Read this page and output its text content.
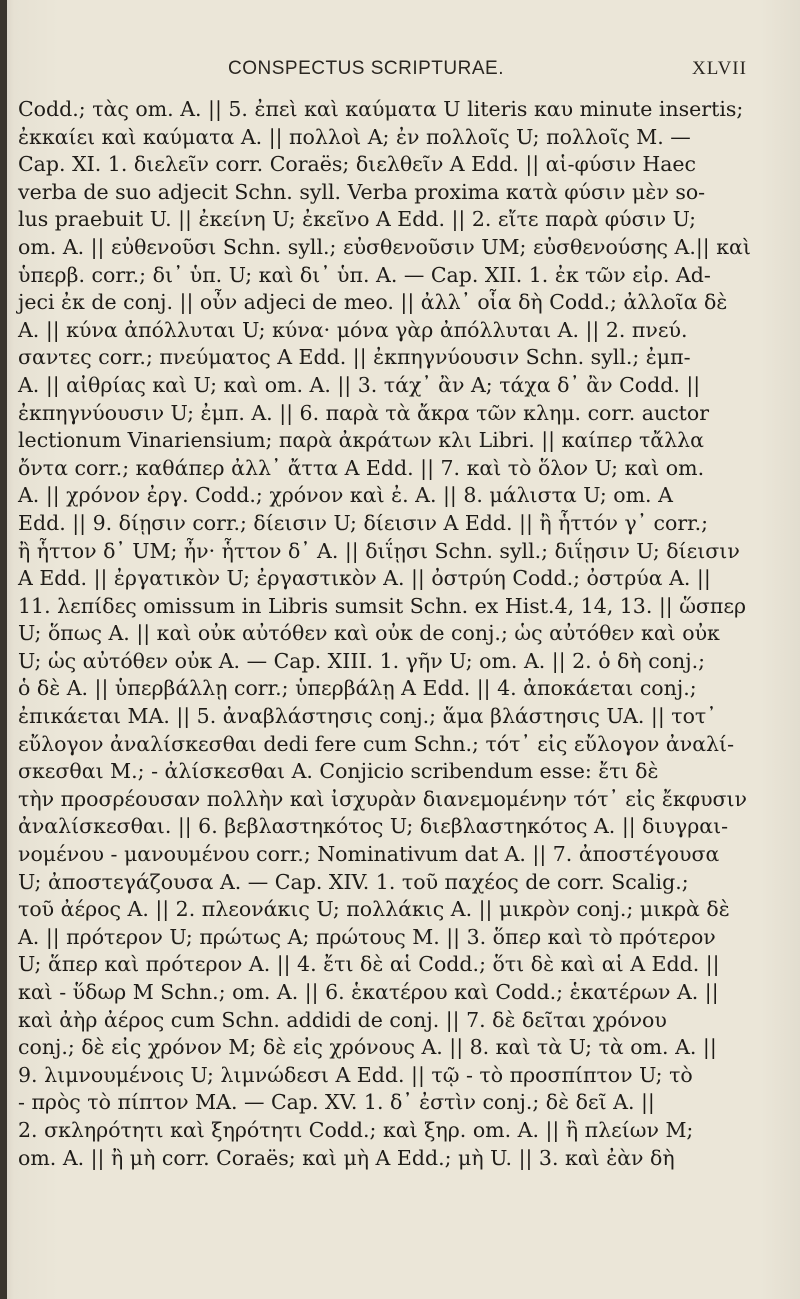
CONSPECTUS SCRIPTURAE.	XLVII
Codd.; τὰς om. A. || 5. ἐπεὶ καὶ καύματα U literis καυ minute insertis;
ἐκκαίει καὶ καύματα A. || πολλοὶ A; ἐν πολλοῖς U; πολλοῖς M. —
Cap. XI. 1. διελεῖν corr. Coraës; διελθεῖν A Edd. || αἱ-φύσιν Haec
verba de suo adjecit Schn. syll. Verba proxima κατὰ φύσιν μὲν so-
lus praebuit U. || ἐκείνη U; ἐκεῖνο A Edd. || 2. εἴτε παρὰ φύσιν U;
om. A. || εὐθενοῦσι Schn. syll.; εὐσθενοῦσιν UM; εὐσθενούσης A.|| καὶ
ὑπερβ. corr.; δι᾽ ὑπ. U; καὶ δι᾽ ὑπ. A. — Cap. XII. 1. ἐκ τῶν εἰρ. Ad-
jeci ἐκ de conj. || οὖν adjeci de meo. || ἀλλ᾽ οἷα δὴ Codd.; ἀλλοῖα δὲ
A. || κύνα ἀπόλλυται U; κύνα· μόνα γὰρ ἀπόλλυται A. || 2. πνεύ.
σαντες corr.; πνεύματος A Edd. || ἐκπηγνύουσιν Schn. syll.; ἐμπ-
A. || αἰθρίας καὶ U; καὶ om. A. || 3. τάχ᾽ ἂν A; τάχα δ᾽ ἂν Codd. ||
ἐκπηγνύουσιν U; ἐμπ. A. || 6. παρὰ τὰ ἄκρα τῶν κλημ. corr. auctor
lectionum Vinariensium; παρὰ ἀκράτων κλι Libri. || καίπερ τἄλλα
ὄντα corr.; καθάπερ ἀλλ᾽ ἄττα A Edd. || 7. καὶ τὸ ὅλον U; καὶ om.
A. || χρόνον ἐργ. Codd.; χρόνον καὶ ἐ. A. || 8. μάλιστα U; om. A
Edd. || 9. δίῃσιν corr.; δίεισιν U; δίεισιν A Edd. || ἢ ἧττόν γ᾽ corr.;
ἢ ἧττον δ᾽ UM; ἦν· ἧττον δ᾽ A. || διΐῃσι Schn. syll.; διΐῃσιν U; δίεισιν
A Edd. || ἐργατικὸν U; ἐργαστικὸν A. || ὀστρύη Codd.; ὀστρύα A. ||
11. λεπίδες omissum in Libris sumsit Schn. ex Hist.4, 14, 13. || ὥσπερ
U; ὅπως A. || καὶ οὐκ αὐτόθεν καὶ οὐκ de conj.; ὡς αὐτόθεν καὶ οὐκ
U; ὡς αὐτόθεν οὐκ A. — Cap. XIII. 1. γῆν U; om. A. || 2. ὁ δὴ conj.;
ὁ δὲ A. || ὑπερβάλλῃ corr.; ὑπερβάλῃ A Edd. || 4. ἀποκάεται conj.;
ἐπικάεται MA. || 5. ἀναβλάστησις conj.; ἅμα βλάστησις UA. || τοτ᾽
εὔλογον ἀναλίσκεσθαι dedi fere cum Schn.; τότ᾽ εἰς εὔλογον ἀναλί-
σκεσθαι M.; - ἀλίσκεσθαι A. Conjicio scribendum esse: ἔτι δὲ
τὴν προσρέουσαν πολλὴν καὶ ἰσχυρὰν διανεμομένην τότ᾽ εἰς ἔκφυσιν
ἀναλίσκεσθαι. || 6. βεβλαστηκότος U; διεβλαστηκότος A. || διυγραι-
νομένου - μανουμένου corr.; Nominativum dat A. || 7. ἀποστέγουσα
U; ἀποστεγάζουσα A. — Cap. XIV. 1. τοῦ παχέος de corr. Scalig.;
τοῦ ἀέρος A. || 2. πλεονάκις U; πολλάκις A. || μικρὸν conj.; μικρὰ δὲ
A. || πρότερον U; πρώτως A; πρώτους M. || 3. ὅπερ καὶ τὸ πρότερον
U; ἅπερ καὶ πρότερον A. || 4. ἔτι δὲ αἱ Codd.; ὅτι δὲ καὶ αἱ A Edd. ||
καὶ - ὕδωρ M Schn.; om. A. || 6. ἑκατέρου καὶ Codd.; ἑκατέρων A. ||
καὶ ἀὴρ ἀέρος cum Schn. addidi de conj. || 7. δὲ δεῖται χρόνου
conj.; δὲ εἰς χρόνον M; δὲ εἰς χρόνους A. || 8. καὶ τὰ U; τὰ om. A. ||
9. λιμνουμένοις U; λιμνώδεσι A Edd. || τῷ - τὸ προσπίπτον U; τὸ
- πρὸς τὸ πίπτον MA. — Cap. XV. 1. δ᾽ ἐστὶν conj.; δὲ δεῖ A. ||
2. σκληρότητι καὶ ξηρότητι Codd.; καὶ ξηρ. om. A. || ἢ πλείων M;
om. A. || ἢ μὴ corr. Coraës; καὶ μὴ A Edd.; μὴ U. || 3. καὶ ἐὰν δὴ
